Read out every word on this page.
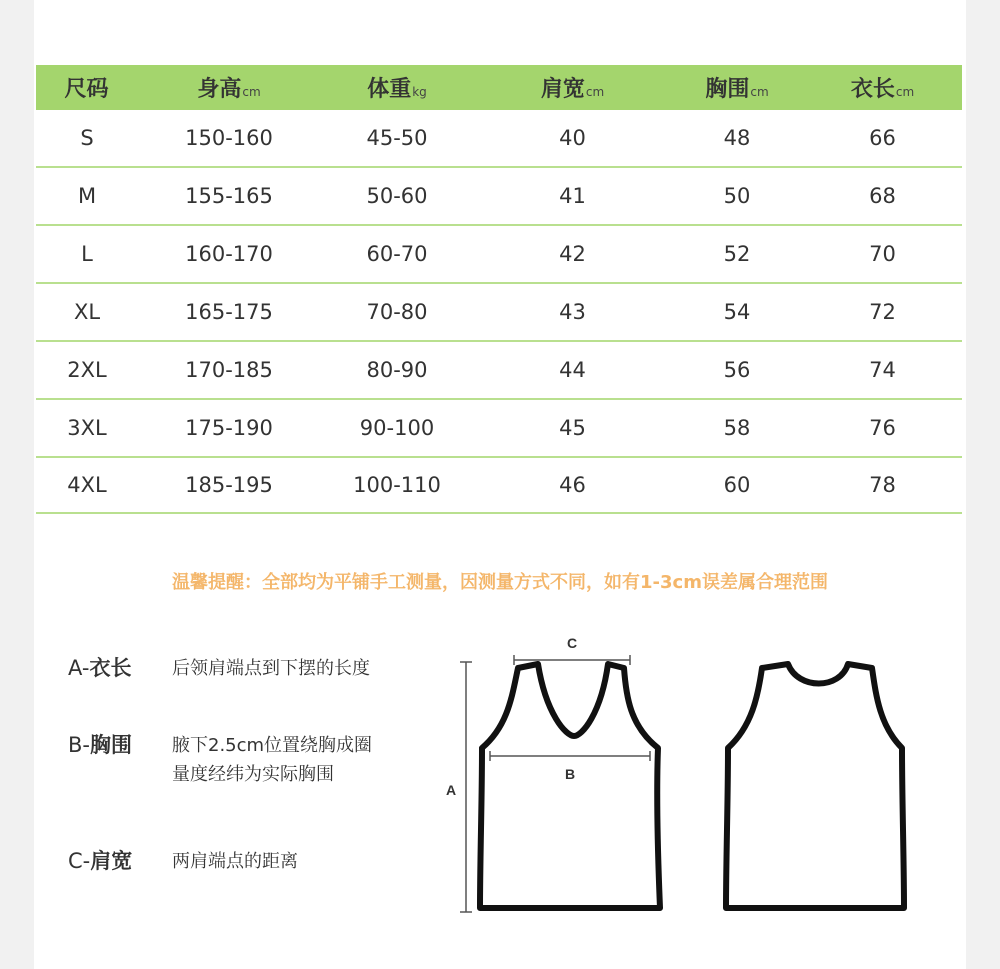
尺码	身高cm	体重kg	肩宽cm	胸围cm	衣长cm
S	150-160	45-50	40	48	66
M	155-165	50-60	41	50	68
L	160-170	60-70	42	52	70
XL	165-175	70-80	43	54	72
2XL	170-185	80-90	44	56	74
3XL	175-190	90-100	45	58	76
4XL	185-195	100-110	46	60	78
温馨提醒：全部均为平铺手工测量，因测量方式不同，如有1-3cm误差属合理范围
A-衣长 后领肩端点到下摆的长度
B-胸围 腋下2.5cm位置绕胸成圈量度经纬为实际胸围
C-肩宽 两肩端点的距离
A
B
C
